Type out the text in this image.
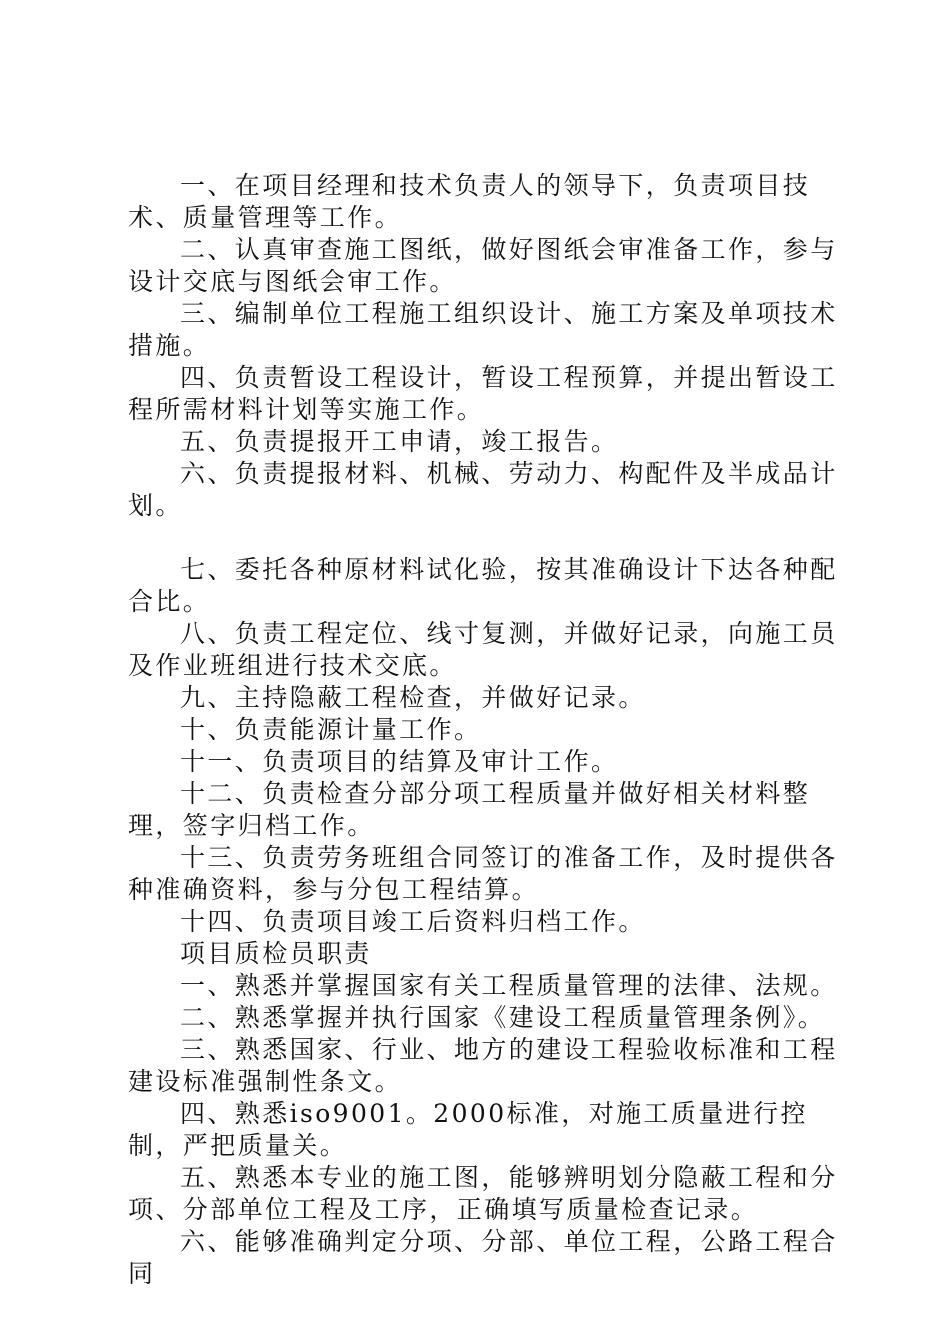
一、在项目经理和技术负责人的领导下，负责项目技术、质量管理等工作。

二、认真审查施工图纸，做好图纸会审准备工作，参与设计交底与图纸会审工作。

三、编制单位工程施工组织设计、施工方案及单项技术措施。

四、负责暂设工程设计，暂设工程预算，并提出暂设工程所需材料计划等实施工作。

五、负责提报开工申请，竣工报告。

六、负责提报材料、机械、劳动力、构配件及半成品计划。

七、委托各种原材料试化验，按其准确设计下达各种配合比。

八、负责工程定位、线寸复测，并做好记录，向施工员及作业班组进行技术交底。

九、主持隐蔽工程检查，并做好记录。

十、负责能源计量工作。

十一、负责项目的结算及审计工作。

十二、负责检查分部分项工程质量并做好相关材料整理，签字归档工作。

十三、负责劳务班组合同签订的准备工作，及时提供各种准确资料，参与分包工程结算。

十四、负责项目竣工后资料归档工作。

项目质检员职责

一、熟悉并掌握国家有关工程质量管理的法律、法规。

二、熟悉掌握并执行国家《建设工程质量管理条例》。

三、熟悉国家、行业、地方的建设工程验收标准和工程建设标准强制性条文。

四、熟悉iso9001。2000标准，对施工质量进行控制，严把质量关。

五、熟悉本专业的施工图，能够辨明划分隐蔽工程和分项、分部单位工程及工序，正确填写质量检查记录。

六、能够准确判定分项、分部、单位工程，公路工程合同
